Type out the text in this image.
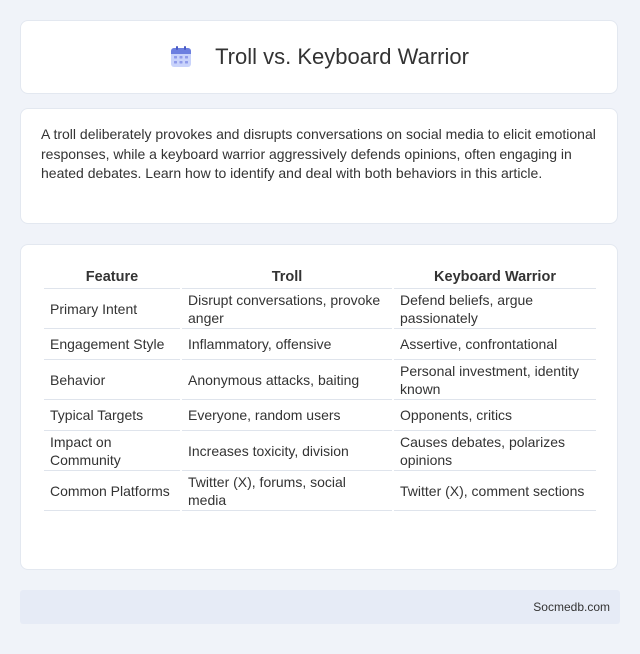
Troll vs. Keyboard Warrior

A troll deliberately provokes and disrupts conversations on social media to elicit emotional responses, while a keyboard warrior aggressively defends opinions, often engaging in heated debates. Learn how to identify and deal with both behaviors in this article.

Feature	Troll	Keyboard Warrior
Primary Intent	Disrupt conversations, provoke anger	Defend beliefs, argue passionately
Engagement Style	Inflammatory, offensive	Assertive, confrontational
Behavior	Anonymous attacks, baiting	Personal investment, identity known
Typical Targets	Everyone, random users	Opponents, critics
Impact on Community	Increases toxicity, division	Causes debates, polarizes opinions
Common Platforms	Twitter (X), forums, social media	Twitter (X), comment sections
Socmedb.com
